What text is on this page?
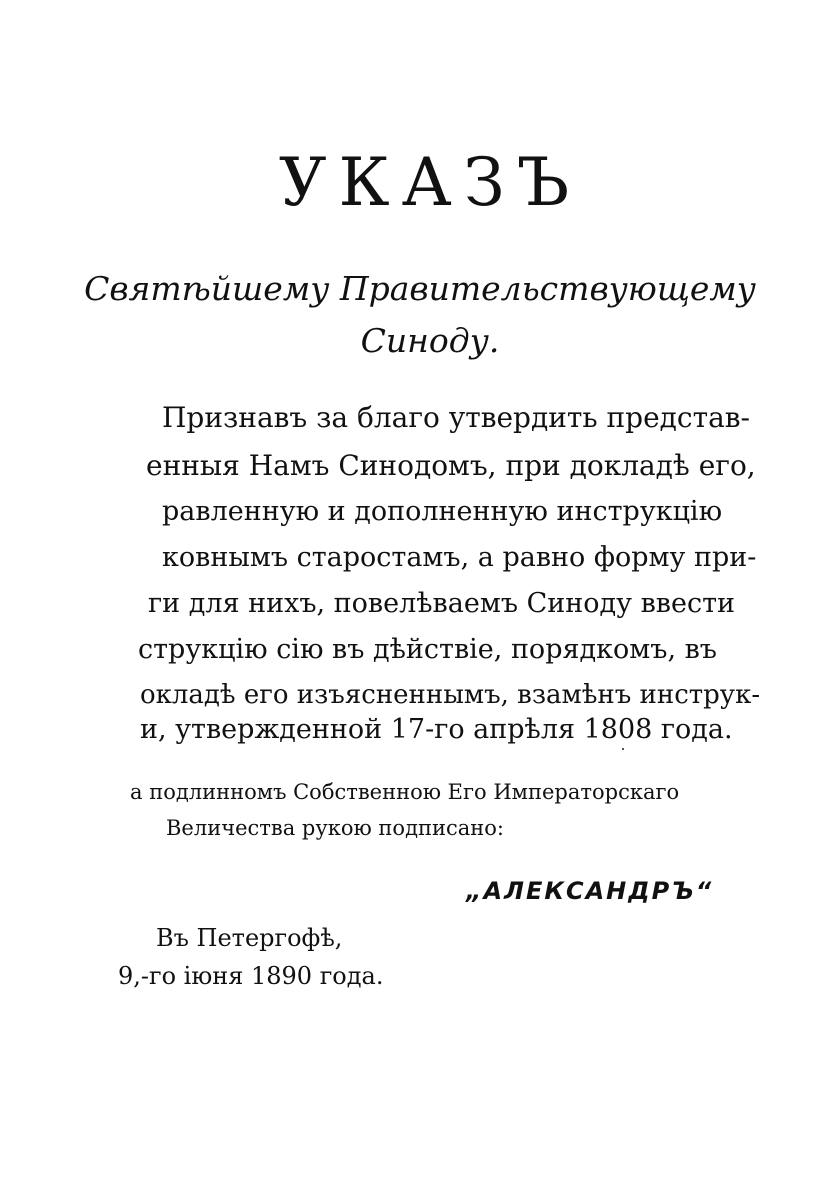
УКАЗЪ
Святѣйшему Правительствующему
Синоду.
Признавъ за благо утвердить представ-
енныя Намъ Синодомъ, при докладѣ его,
равленную и дополненную инструкцію
ковнымъ старостамъ, а равно форму при-
ги для нихъ, повелѣваемъ Синоду ввести
струкцію сію въ дѣйствіе, порядкомъ, въ
окладѣ его изъясненнымъ, взамѣнъ инструк-
и, утвержденной 17-го апрѣля 1808 года.
а подлинномъ Собственною Его Императорскаго
Величества рукою подписано:
„АЛЕКСАНДРЪ“
Въ Петергофѣ,
9,-го іюня 1890 года.
